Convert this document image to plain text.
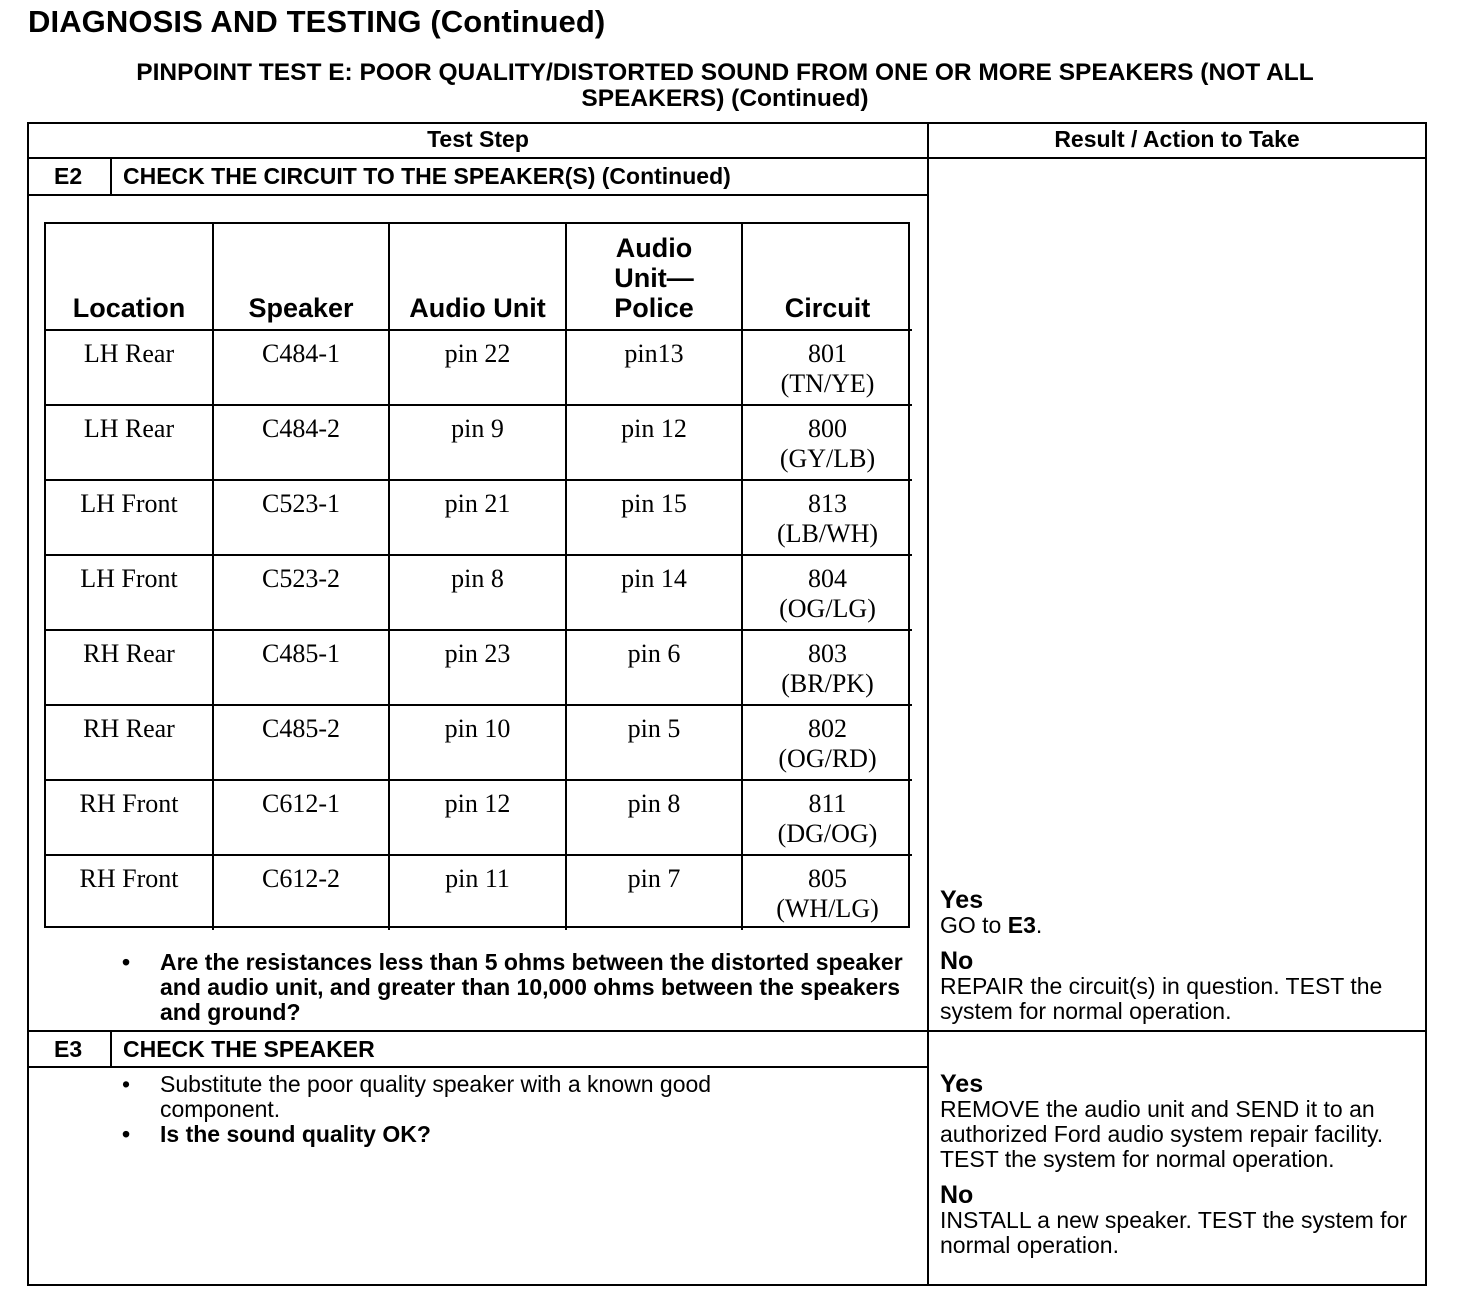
DIAGNOSIS AND TESTING (Continued)
PINPOINT TEST E: POOR QUALITY/DISTORTED SOUND FROM ONE OR MORE SPEAKERS (NOT ALL
SPEAKERS) (Continued)
Test Step	Result / Action to Take
E2 CHECK THE CIRCUIT TO THE SPEAKER(S) (Continued)
Location	Speaker	Audio Unit	Audio Unit— Police	Circuit
LH Rear	C484-1	pin 22	pin13	801 (TN/YE)
LH Rear	C484-2	pin 9	pin 12	800 (GY/LB)
LH Front	C523-1	pin 21	pin 15	813 (LB/WH)
LH Front	C523-2	pin 8	pin 14	804 (OG/LG)
RH Rear	C485-1	pin 23	pin 6	803 (BR/PK)
RH Rear	C485-2	pin 10	pin 5	802 (OG/RD)
RH Front	C612-1	pin 12	pin 8	811 (DG/OG)
RH Front	C612-2	pin 11	pin 7	805 (WH/LG)
•	Are the resistances less than 5 ohms between the distorted speaker and audio unit, and greater than 10,000 ohms between the speakers and ground?
Yes
GO to E3.
No
REPAIR the circuit(s) in question. TEST the system for normal operation.
E3 CHECK THE SPEAKER
•	Substitute the poor quality speaker with a known good component.
•	Is the sound quality OK?
Yes
REMOVE the audio unit and SEND it to an authorized Ford audio system repair facility. TEST the system for normal operation.
No
INSTALL a new speaker. TEST the system for normal operation.
